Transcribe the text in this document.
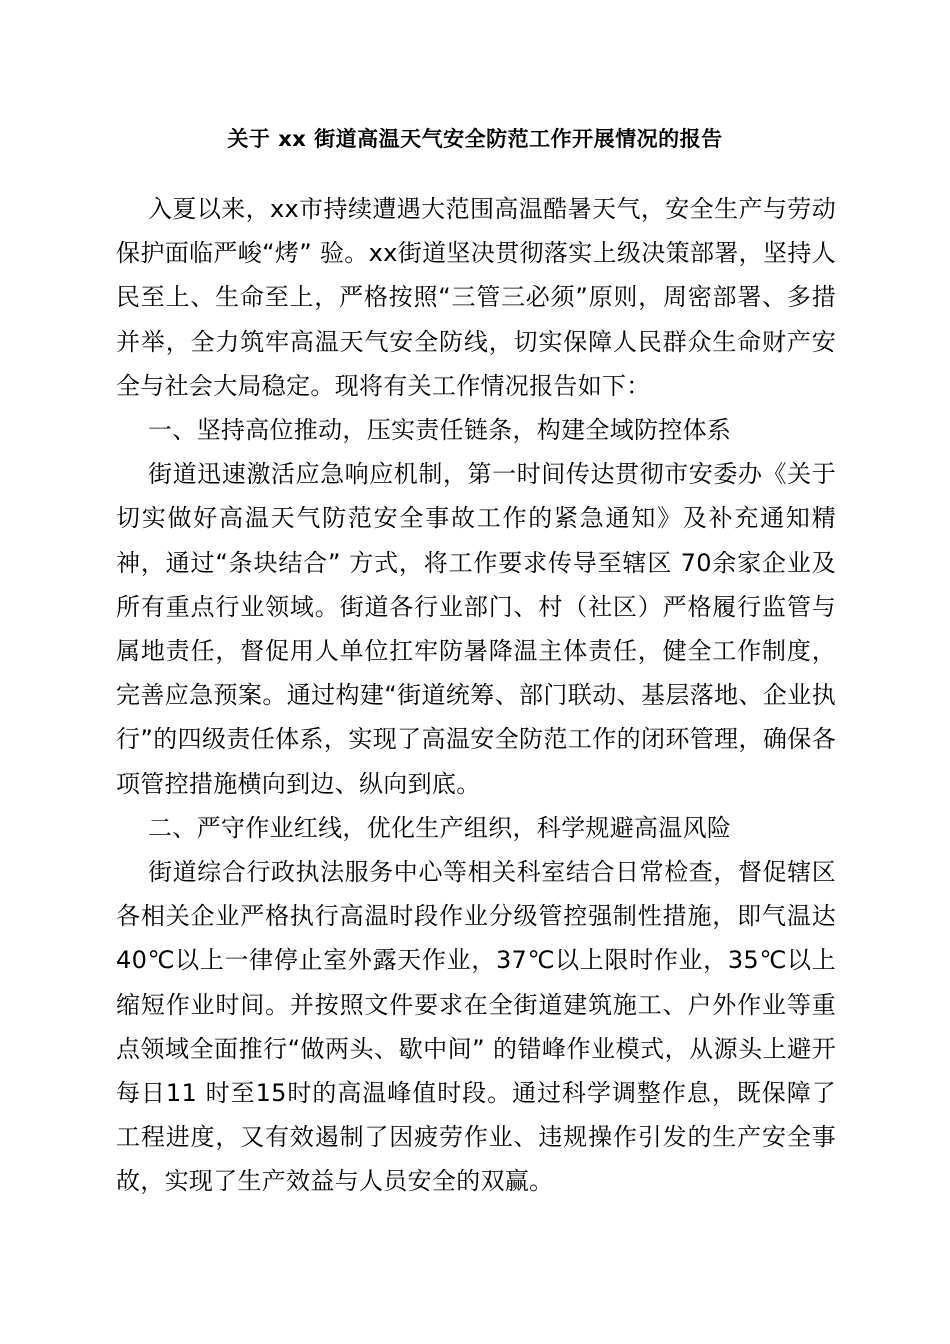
关于 xx 街道高温天气安全防范工作开展情况的报告

入夏以来，xx市持续遭遇大范围高温酷暑天气，安全生产与劳动保护面临严峻“烤” 验。xx街道坚决贯彻落实上级决策部署，坚持人民至上、生命至上，严格按照“三管三必须”原则，周密部署、多措并举，全力筑牢高温天气安全防线，切实保障人民群众生命财产安全与社会大局稳定。现将有关工作情况报告如下：

一、坚持高位推动，压实责任链条，构建全域防控体系

街道迅速激活应急响应机制，第一时间传达贯彻市安委办《关于切实做好高温天气防范安全事故工作的紧急通知》及补充通知精神，通过“条块结合” 方式，将工作要求传导至辖区 70余家企业及所有重点行业领域。街道各行业部门、村（社区）严格履行监管与属地责任，督促用人单位扛牢防暑降温主体责任，健全工作制度，完善应急预案。通过构建“街道统筹、部门联动、基层落地、企业执行”的四级责任体系，实现了高温安全防范工作的闭环管理，确保各项管控措施横向到边、纵向到底。

二、严守作业红线，优化生产组织，科学规避高温风险

街道综合行政执法服务中心等相关科室结合日常检查，督促辖区各相关企业严格执行高温时段作业分级管控强制性措施，即气温达40℃以上一律停止室外露天作业，37℃以上限时作业，35℃以上缩短作业时间。并按照文件要求在全街道建筑施工、户外作业等重点领域全面推行“做两头、歇中间” 的错峰作业模式，从源头上避开每日11 时至15时的高温峰值时段。通过科学调整作息，既保障了工程进度，又有效遏制了因疲劳作业、违规操作引发的生产安全事故，实现了生产效益与人员安全的双赢。
